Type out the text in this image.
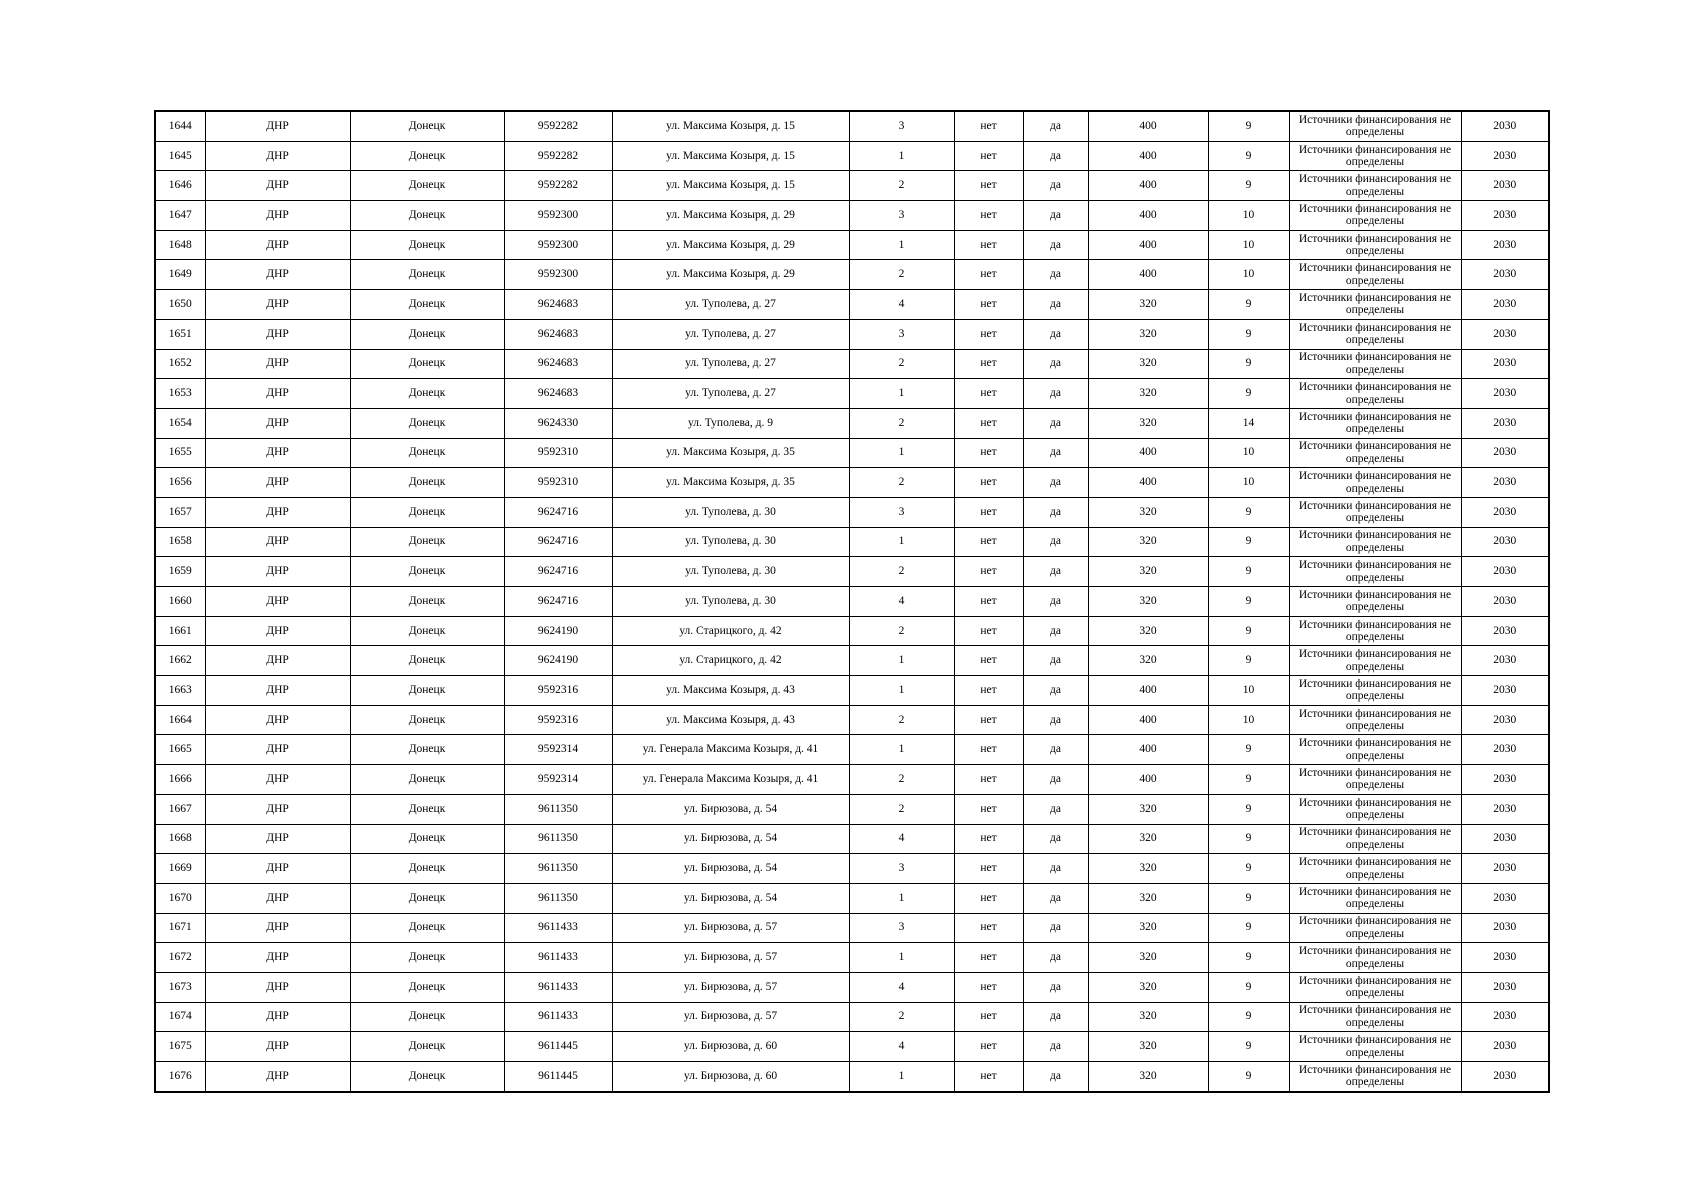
1644	ДНР	Донецк	9592282	ул. Максима Козыря, д. 15	3	нет	да	400	9	Источники финансирования не определены	2030
1645	ДНР	Донецк	9592282	ул. Максима Козыря, д. 15	1	нет	да	400	9	Источники финансирования не определены	2030
1646	ДНР	Донецк	9592282	ул. Максима Козыря, д. 15	2	нет	да	400	9	Источники финансирования не определены	2030
1647	ДНР	Донецк	9592300	ул. Максима Козыря, д. 29	3	нет	да	400	10	Источники финансирования не определены	2030
1648	ДНР	Донецк	9592300	ул. Максима Козыря, д. 29	1	нет	да	400	10	Источники финансирования не определены	2030
1649	ДНР	Донецк	9592300	ул. Максима Козыря, д. 29	2	нет	да	400	10	Источники финансирования не определены	2030
1650	ДНР	Донецк	9624683	ул. Туполева, д. 27	4	нет	да	320	9	Источники финансирования не определены	2030
1651	ДНР	Донецк	9624683	ул. Туполева, д. 27	3	нет	да	320	9	Источники финансирования не определены	2030
1652	ДНР	Донецк	9624683	ул. Туполева, д. 27	2	нет	да	320	9	Источники финансирования не определены	2030
1653	ДНР	Донецк	9624683	ул. Туполева, д. 27	1	нет	да	320	9	Источники финансирования не определены	2030
1654	ДНР	Донецк	9624330	ул. Туполева, д. 9	2	нет	да	320	14	Источники финансирования не определены	2030
1655	ДНР	Донецк	9592310	ул. Максима Козыря, д. 35	1	нет	да	400	10	Источники финансирования не определены	2030
1656	ДНР	Донецк	9592310	ул. Максима Козыря, д. 35	2	нет	да	400	10	Источники финансирования не определены	2030
1657	ДНР	Донецк	9624716	ул. Туполева, д. 30	3	нет	да	320	9	Источники финансирования не определены	2030
1658	ДНР	Донецк	9624716	ул. Туполева, д. 30	1	нет	да	320	9	Источники финансирования не определены	2030
1659	ДНР	Донецк	9624716	ул. Туполева, д. 30	2	нет	да	320	9	Источники финансирования не определены	2030
1660	ДНР	Донецк	9624716	ул. Туполева, д. 30	4	нет	да	320	9	Источники финансирования не определены	2030
1661	ДНР	Донецк	9624190	ул. Старицкого, д. 42	2	нет	да	320	9	Источники финансирования не определены	2030
1662	ДНР	Донецк	9624190	ул. Старицкого, д. 42	1	нет	да	320	9	Источники финансирования не определены	2030
1663	ДНР	Донецк	9592316	ул. Максима Козыря, д. 43	1	нет	да	400	10	Источники финансирования не определены	2030
1664	ДНР	Донецк	9592316	ул. Максима Козыря, д. 43	2	нет	да	400	10	Источники финансирования не определены	2030
1665	ДНР	Донецк	9592314	ул. Генерала Максима Козыря, д. 41	1	нет	да	400	9	Источники финансирования не определены	2030
1666	ДНР	Донецк	9592314	ул. Генерала Максима Козыря, д. 41	2	нет	да	400	9	Источники финансирования не определены	2030
1667	ДНР	Донецк	9611350	ул. Бирюзова, д. 54	2	нет	да	320	9	Источники финансирования не определены	2030
1668	ДНР	Донецк	9611350	ул. Бирюзова, д. 54	4	нет	да	320	9	Источники финансирования не определены	2030
1669	ДНР	Донецк	9611350	ул. Бирюзова, д. 54	3	нет	да	320	9	Источники финансирования не определены	2030
1670	ДНР	Донецк	9611350	ул. Бирюзова, д. 54	1	нет	да	320	9	Источники финансирования не определены	2030
1671	ДНР	Донецк	9611433	ул. Бирюзова, д. 57	3	нет	да	320	9	Источники финансирования не определены	2030
1672	ДНР	Донецк	9611433	ул. Бирюзова, д. 57	1	нет	да	320	9	Источники финансирования не определены	2030
1673	ДНР	Донецк	9611433	ул. Бирюзова, д. 57	4	нет	да	320	9	Источники финансирования не определены	2030
1674	ДНР	Донецк	9611433	ул. Бирюзова, д. 57	2	нет	да	320	9	Источники финансирования не определены	2030
1675	ДНР	Донецк	9611445	ул. Бирюзова, д. 60	4	нет	да	320	9	Источники финансирования не определены	2030
1676	ДНР	Донецк	9611445	ул. Бирюзова, д. 60	1	нет	да	320	9	Источники финансирования не определены	2030
